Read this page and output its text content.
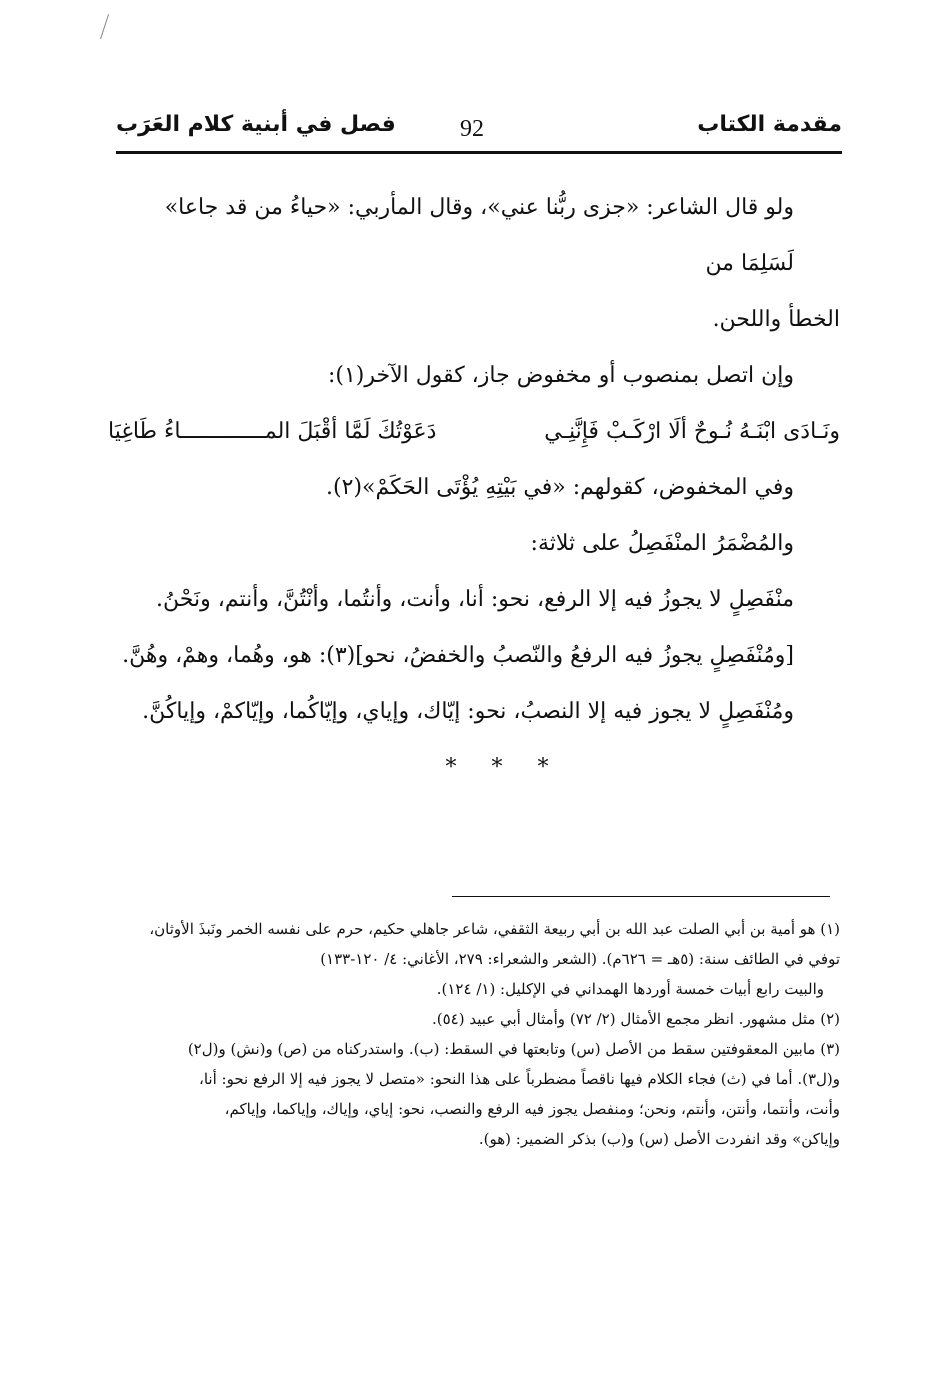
مقدمة الكتاب
92
فصل في أبنية كلام العَرَب

ولو قال الشاعر: «جزى ربُّنا عني»، وقال المأربي: «حياءُ من قد جاعا» لَسَلِمَا من

الخطأ واللحن.

وإن اتصل بمنصوب أو مخفوض جاز، كقول الآخر(١):

ونَـادَى ابْنَـهُ نُـوحٌ ألَا ارْكَـبْ فَإِنَّنِـي
دَعَوْتُكَ لَمَّا أقْبَلَ المـــــــــــــاءُ طَاغِيَا

وفي المخفوض، كقولهم: «في بَيْتِهِ يُؤْتَى الحَكَمْ»(٢).

والمُضْمَرُ المنْفَصِلُ على ثلاثة:

منْفَصِلٍ لا يجوزُ فيه إلا الرفع، نحو: أنا، وأنت، وأنتُما، وأنْتُنَّ، وأنتم، ونَحْنُ.

[ومُنْفَصِلٍ يجوزُ فيه الرفعُ والنّصبُ والخفضُ، نحو](٣): هو، وهُما، وهمْ، وهُنَّ.

ومُنْفَصِلٍ لا يجوز فيه إلا النصبُ، نحو: إيّاك، وإياي، وإيّاكُما، وإيّاكمْ، وإياكُنَّ.

* * *

(١) هو أمية بن أبي الصلت عبد الله بن أبي ربيعة الثقفي، شاعر جاهلي حكيم، حرم على نفسه الخمر ونَبذَ الأوثان،

توفي في الطائف سنة: (٥هـ = ٦٢٦م). (الشعر والشعراء: ٢٧٩، الأغاني: ٤/ ١٢٠-١٣٣)

والبيت رابع أبيات خمسة أوردها الهمداني في الإكليل: (١/ ١٢٤).

(٢) مثل مشهور. انظر مجمع الأمثال (٢/ ٧٢) وأمثال أبي عبيد (٥٤).

(٣) مابين المعقوفتين سقط من الأصل (س) وتابعتها في السقط: (ب). واستدركناه من (ص) و(نش) و(ل٢)

و(ل٣). أما في (ث) فجاء الكلام فيها ناقصاً مضطرباً على هذا النحو: «متصل لا يجوز فيه إلا الرفع نحو: أنا،

وأنت، وأنتما، وأنتن، وأنتم، ونحن؛ ومنفصل يجوز فيه الرفع والنصب، نحو: إياي، وإياك، وإياكما، وإياكم،

وإياكن» وقد انفردت الأصل (س) و(ب) بذكر الضمير: (هو).
